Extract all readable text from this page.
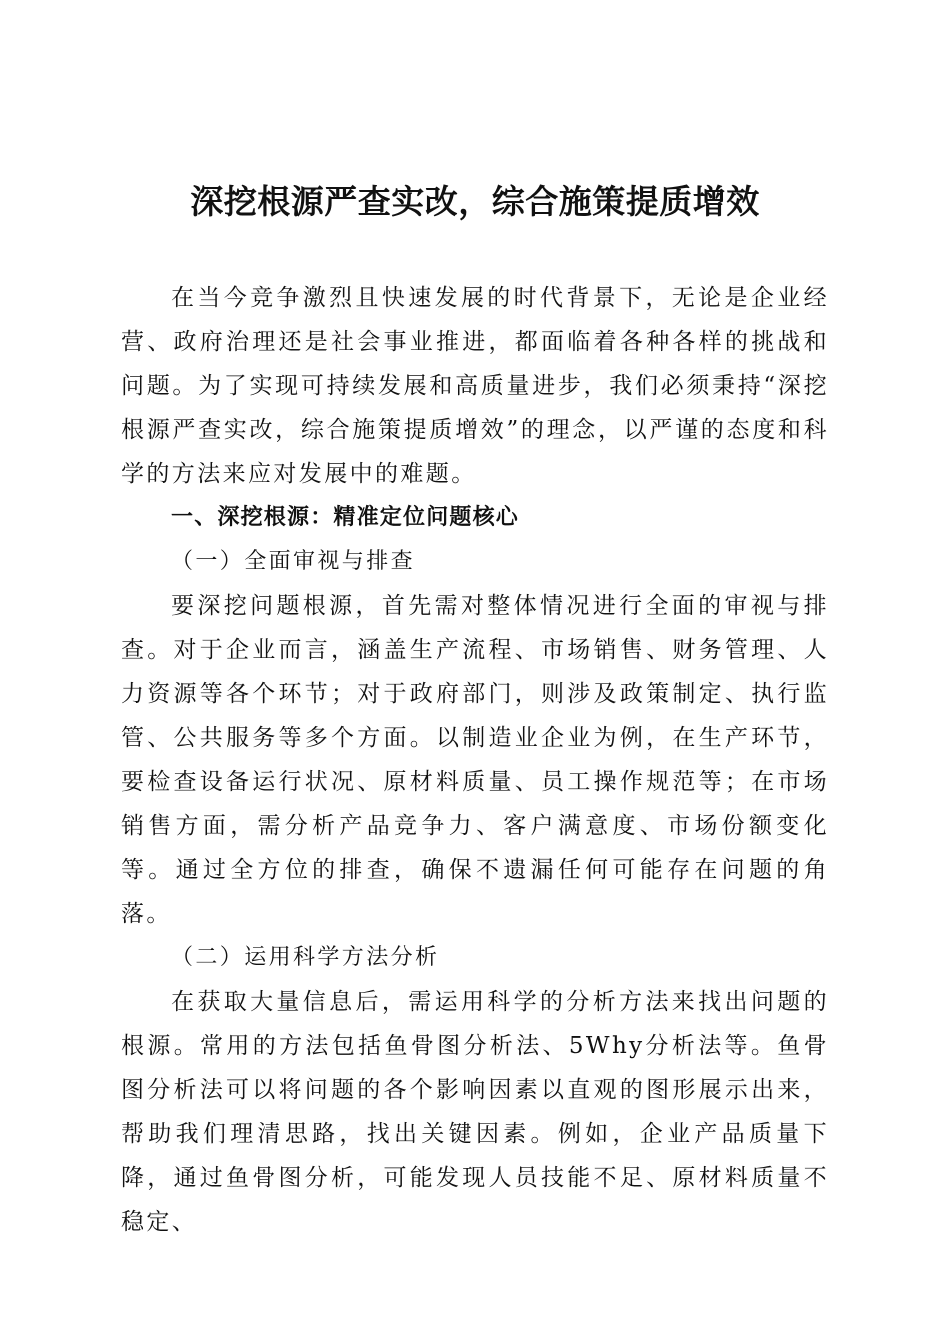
深挖根源严查实改，综合施策提质增效

在当今竞争激烈且快速发展的时代背景下，无论是企业经营、政府治理还是社会事业推进，都面临着各种各样的挑战和问题。为了实现可持续发展和高质量进步，我们必须秉持“深挖根源严查实改，综合施策提质增效”的理念，以严谨的态度和科学的方法来应对发展中的难题。

一、深挖根源：精准定位问题核心

（一）全面审视与排查

要深挖问题根源，首先需对整体情况进行全面的审视与排查。对于企业而言，涵盖生产流程、市场销售、财务管理、人力资源等各个环节；对于政府部门，则涉及政策制定、执行监管、公共服务等多个方面。以制造业企业为例，在生产环节，要检查设备运行状况、原材料质量、员工操作规范等；在市场销售方面，需分析产品竞争力、客户满意度、市场份额变化等。通过全方位的排查，确保不遗漏任何可能存在问题的角落。

（二）运用科学方法分析

在获取大量信息后，需运用科学的分析方法来找出问题的根源。常用的方法包括鱼骨图分析法、5Why分析法等。鱼骨图分析法可以将问题的各个影响因素以直观的图形展示出来，帮助我们理清思路，找出关键因素。例如，企业产品质量下降，通过鱼骨图分析，可能发现人员技能不足、原材料质量不稳定、
